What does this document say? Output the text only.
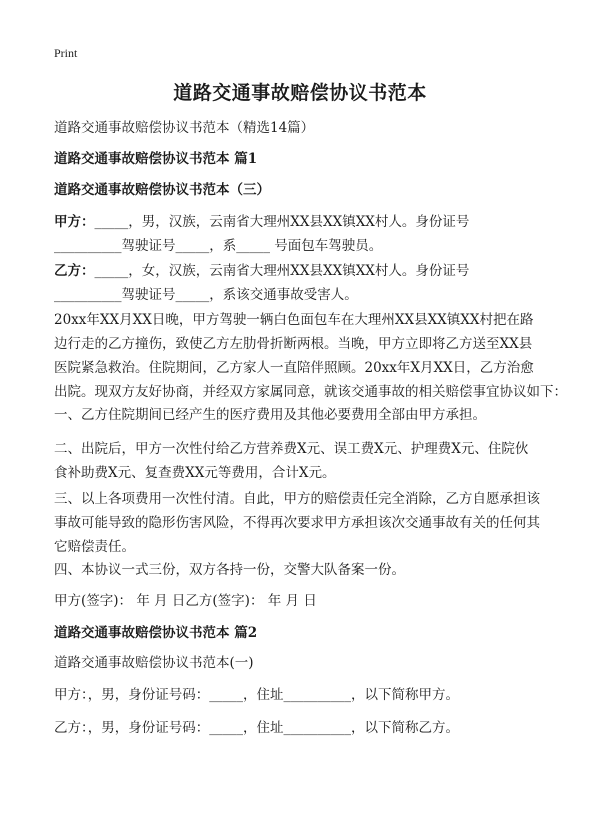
Print
道路交通事故赔偿协议书范本
道路交通事故赔偿协议书范本（精选14篇）
道路交通事故赔偿协议书范本 篇1
道路交通事故赔偿协议书范本（三）
甲方：_____，男，汉族，云南省大理州XX县XX镇XX村人。身份证号
__________驾驶证号_____，系_____ 号面包车驾驶员。
乙方：_____，女，汉族，云南省大理州XX县XX镇XX村人。身份证号
__________驾驶证号_____，系该交通事故受害人。
20xx年XX月XX日晚，甲方驾驶一辆白色面包车在大理州XX县XX镇XX村把在路
边行走的乙方撞伤，致使乙方左肋骨折断两根。当晚，甲方立即将乙方送至XX县
医院紧急救治。住院期间，乙方家人一直陪伴照顾。20xx年X月XX日，乙方治愈
出院。现双方友好协商，并经双方家属同意，就该交通事故的相关赔偿事宜协议如下：
一、乙方住院期间已经产生的医疗费用及其他必要费用全部由甲方承担。
二、出院后，甲方一次性付给乙方营养费X元、误工费X元、护理费X元、住院伙
食补助费X元、复查费XX元等费用，合计X元。
三、以上各项费用一次性付清。自此，甲方的赔偿责任完全消除，乙方自愿承担该
事故可能导致的隐形伤害风险，不得再次要求甲方承担该次交通事故有关的任何其
它赔偿责任。
四、本协议一式三份，双方各持一份，交警大队备案一份。
甲方(签字)： 年 月 日乙方(签字)： 年 月 日
道路交通事故赔偿协议书范本 篇2
道路交通事故赔偿协议书范本(一)
甲方：，男，身份证号码：_____，住址__________，以下简称甲方。
乙方：，男，身份证号码：_____，住址__________，以下简称乙方。
